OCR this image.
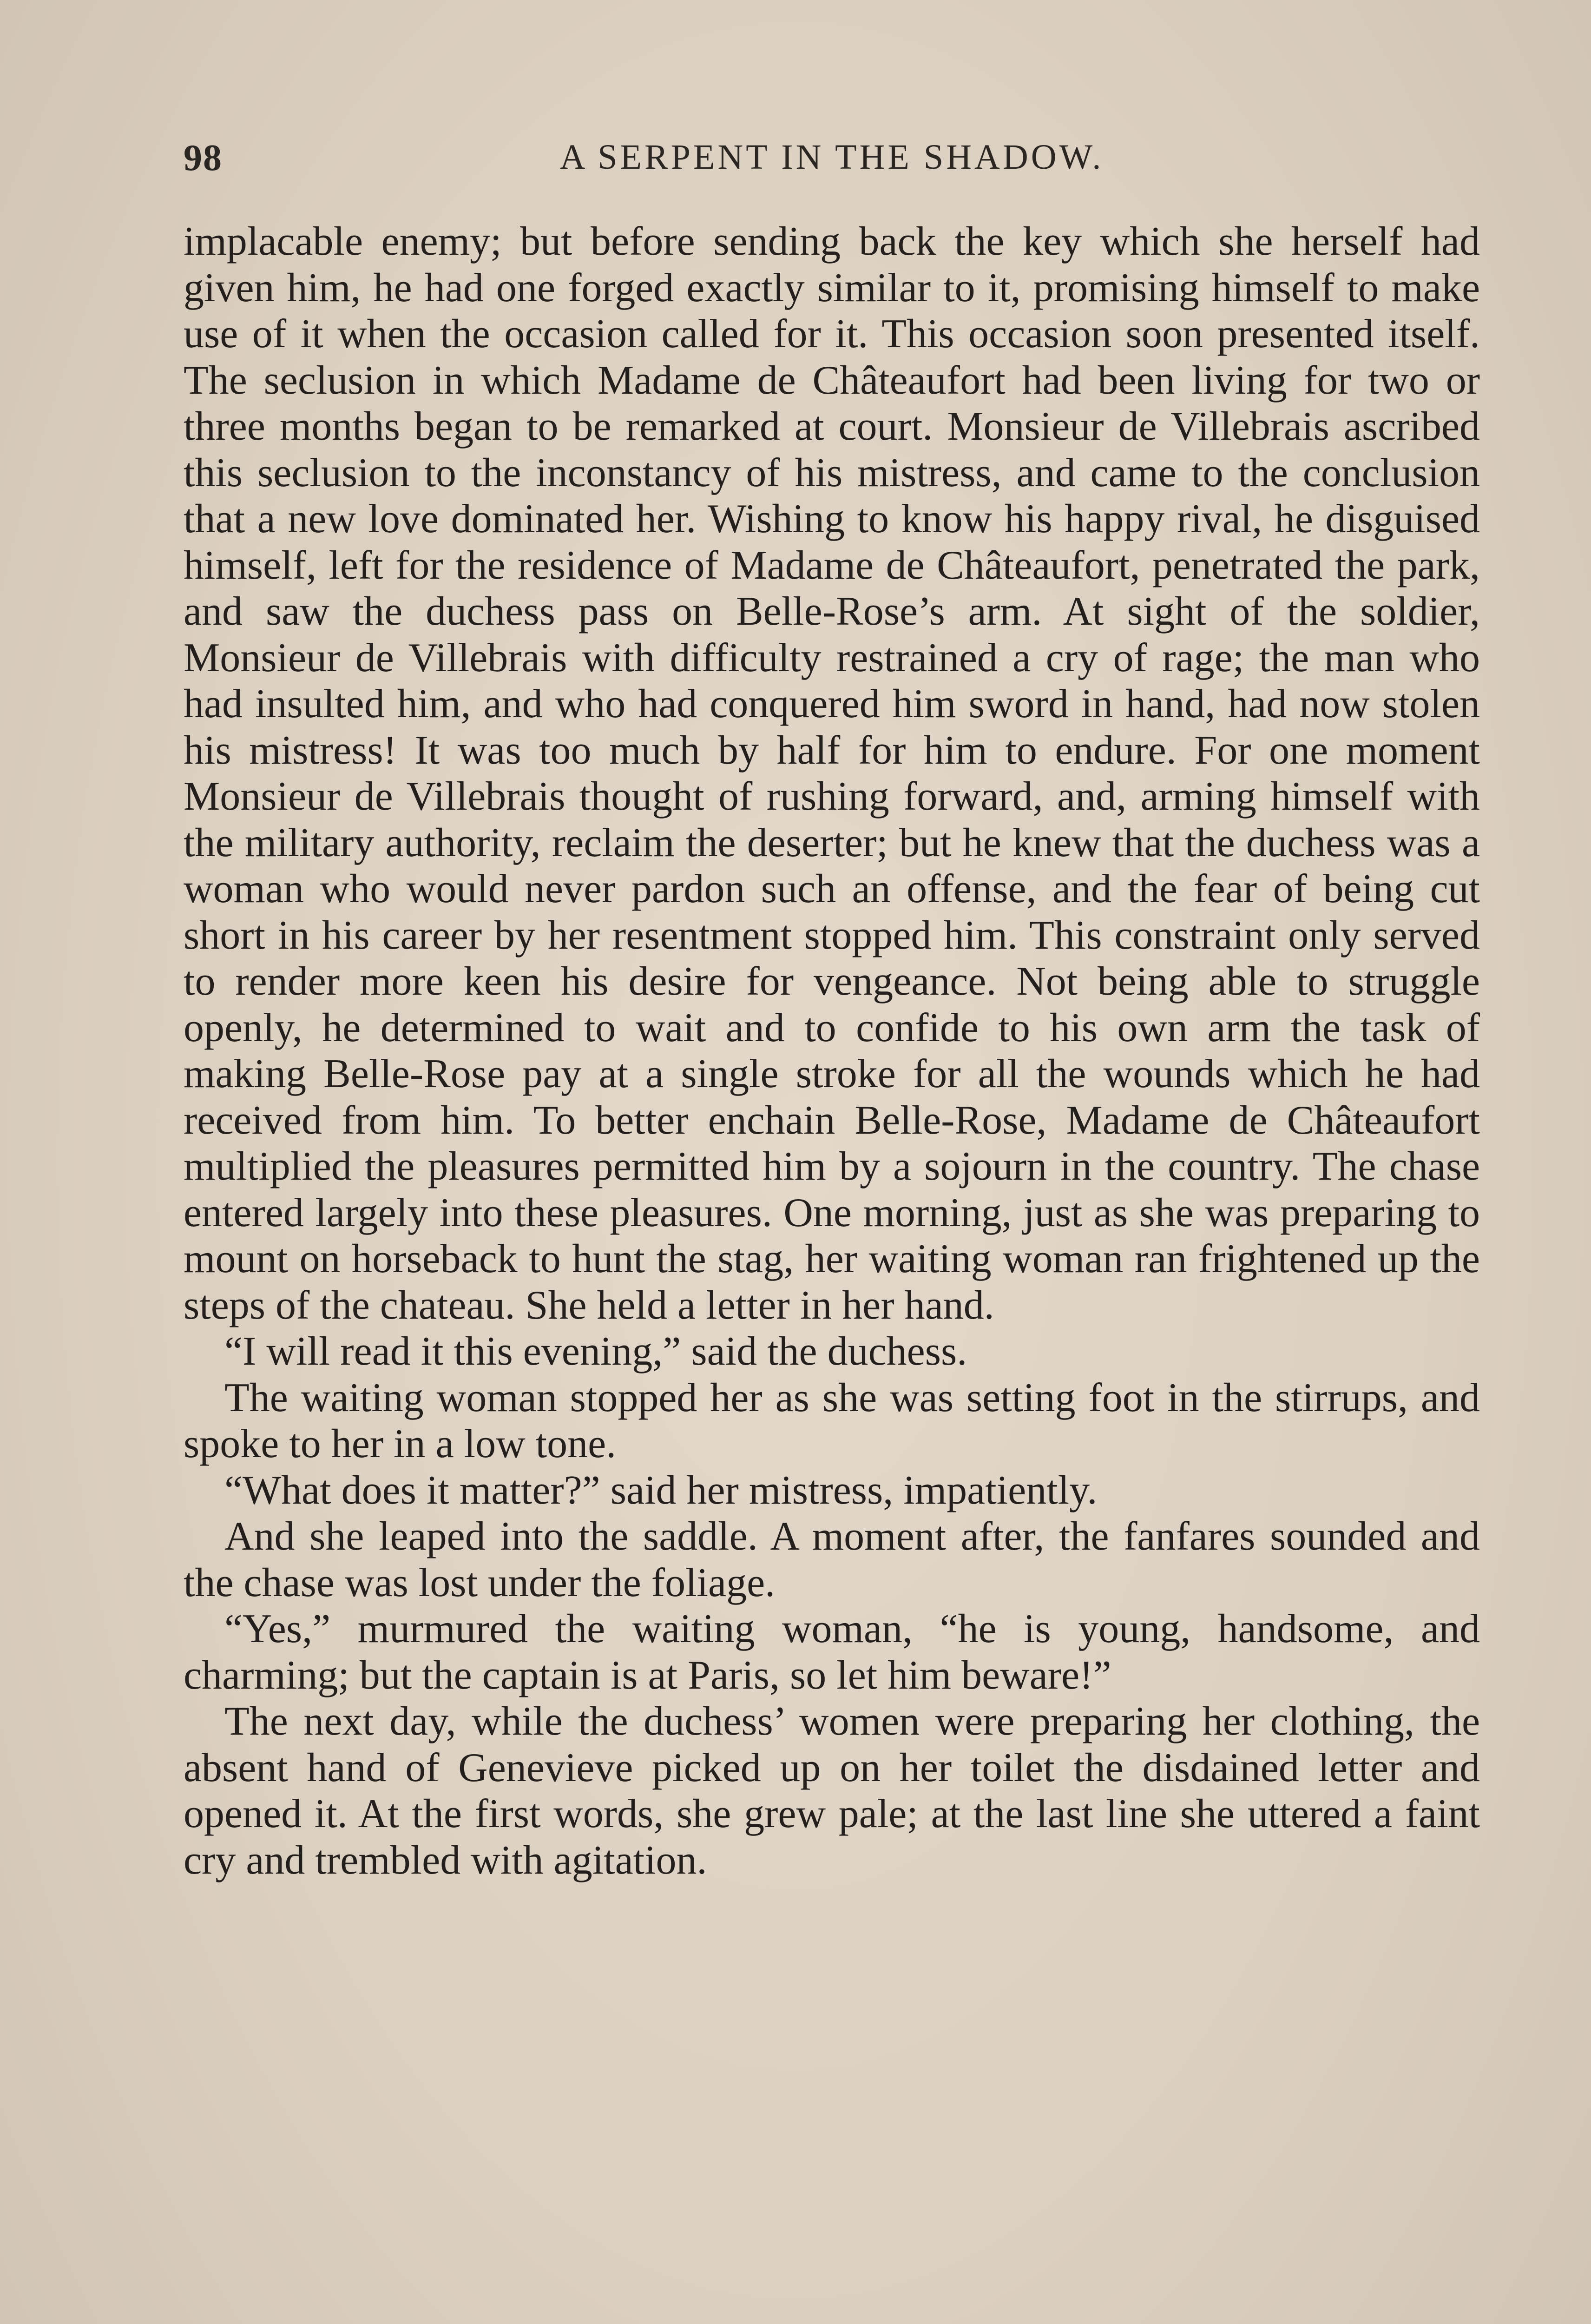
98	A SERPENT IN THE SHADOW.

implacable enemy; but before sending back the key which she herself had given him, he had one forged exactly similar to it, promising himself to make use of it when the occasion called for it. This occasion soon presented itself. The seclusion in which Madame de Châteaufort had been living for two or three months began to be remarked at court. Monsieur de Villebrais ascribed this seclusion to the inconstancy of his mistress, and came to the conclusion that a new love dominated her. Wishing to know his happy rival, he disguised himself, left for the residence of Madame de Châteaufort, penetrated the park, and saw the duchess pass on Belle-Rose’s arm. At sight of the soldier, Monsieur de Villebrais with difficulty restrained a cry of rage; the man who had insulted him, and who had conquered him sword in hand, had now stolen his mistress! It was too much by half for him to endure. For one moment Monsieur de Villebrais thought of rushing forward, and, arming himself with the military authority, reclaim the deserter; but he knew that the duchess was a woman who would never pardon such an offense, and the fear of being cut short in his career by her resentment stopped him. This constraint only served to render more keen his desire for vengeance. Not being able to struggle openly, he determined to wait and to confide to his own arm the task of making Belle-Rose pay at a single stroke for all the wounds which he had received from him. To better enchain Belle-Rose, Madame de Châteaufort multiplied the pleasures permitted him by a sojourn in the country. The chase entered largely into these pleasures. One morning, just as she was preparing to mount on horseback to hunt the stag, her waiting woman ran frightened up the steps of the chateau. She held a letter in her hand.

“I will read it this evening,” said the duchess.

The waiting woman stopped her as she was setting foot in the stirrups, and spoke to her in a low tone.

“What does it matter?” said her mistress, impatiently.

And she leaped into the saddle. A moment after, the fanfares sounded and the chase was lost under the foliage.

“Yes,” murmured the waiting woman, “he is young, handsome, and charming; but the captain is at Paris, so let him beware!”

The next day, while the duchess’ women were preparing her clothing, the absent hand of Genevieve picked up on her toilet the disdained letter and opened it. At the first words, she grew pale; at the last line she uttered a faint cry and trembled with agitation.
